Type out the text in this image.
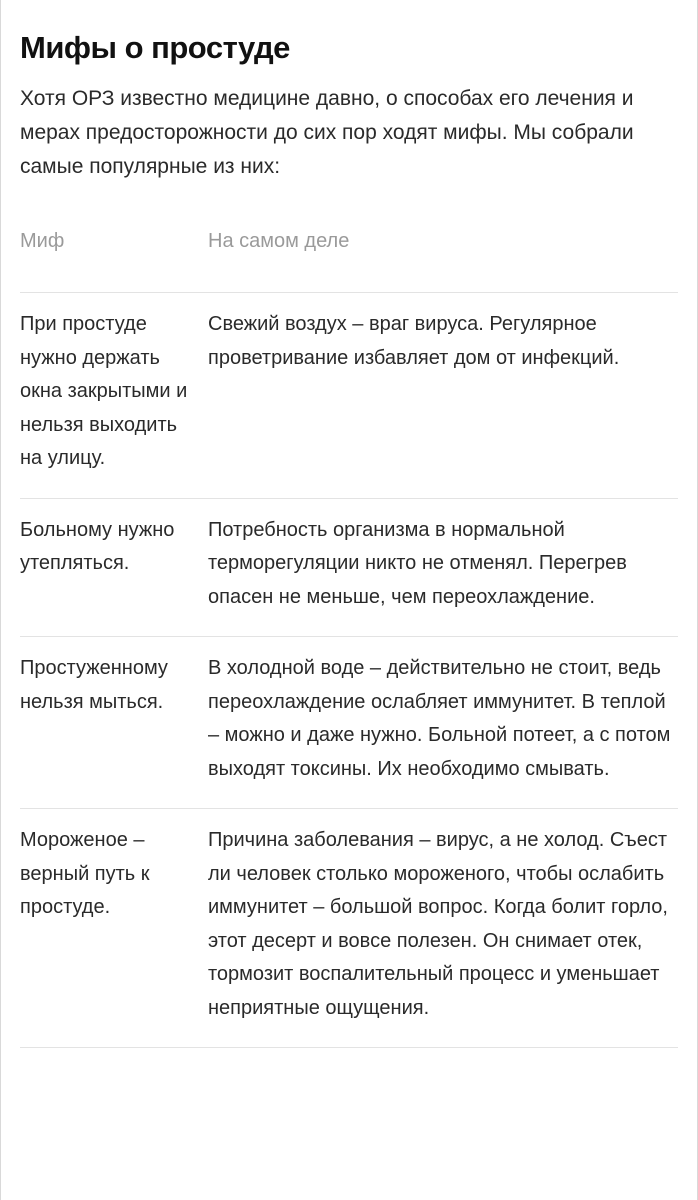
Мифы о простуде

Хотя ОРЗ известно медицине давно, о способах его лечения и мерах предосторожности до сих пор ходят мифы. Мы собрали самые популярные из них:

Миф	На самом деле
При простуде нужно держать окна закрытыми и нельзя выходить на улицу.	Свежий воздух – враг вируса. Регулярное проветривание избавляет дом от инфекций.
Больному нужно утепляться.	Потребность организма в нормальной терморегуляции никто не отменял. Перегрев опасен не меньше, чем переохлаждение.
Простуженному нельзя мыться.	В холодной воде – действительно не стоит, ведь переохлаждение ослабляет иммунитет. В теплой – можно и даже нужно. Больной потеет, а с потом выходят токсины. Их необходимо смывать.
Мороженое – верный путь к простуде.	Причина заболевания – вирус, а не холод. Съест ли человек столько мороженого, чтобы ослабить иммунитет – большой вопрос. Когда болит горло, этот десерт и вовсе полезен. Он снимает отек, тормозит воспалительный процесс и уменьшает неприятные ощущения.
